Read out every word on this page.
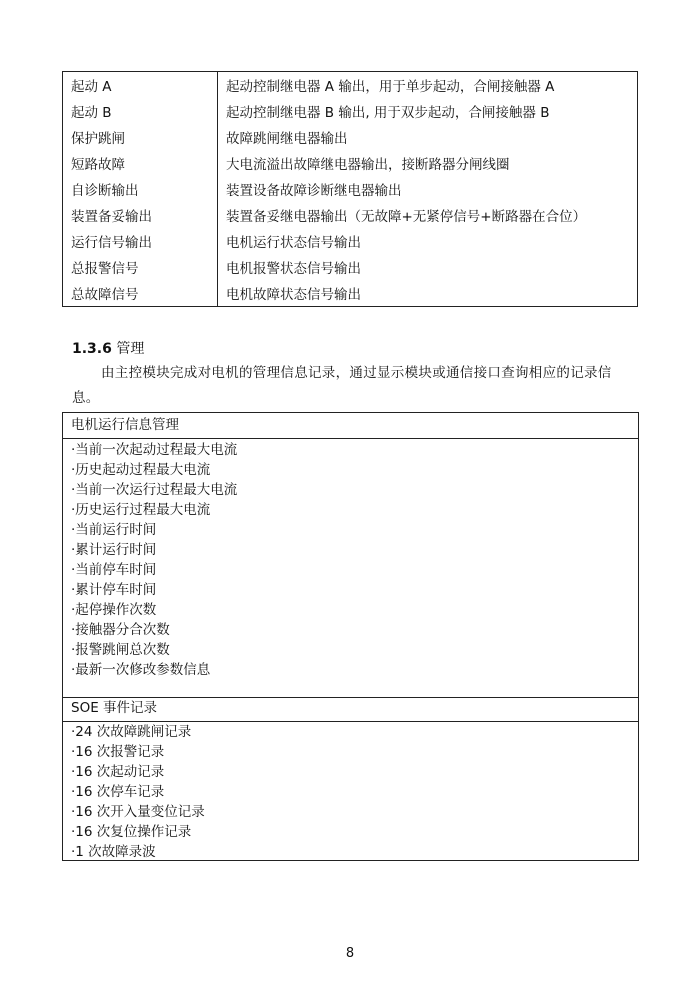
起动 A	起动控制继电器 A 输出，用于单步起动，合闸接触器 A
起动 B	起动控制继电器 B 输出, 用于双步起动，合闸接触器 B
保护跳闸	故障跳闸继电器输出
短路故障	大电流溢出故障继电器输出，接断路器分闸线圈
自诊断输出	装置设备故障诊断继电器输出
装置备妥输出	装置备妥继电器输出（无故障+无紧停信号+断路器在合位）
运行信号输出	电机运行状态信号输出
总报警信号	电机报警状态信号输出
总故障信号	电机故障状态信号输出
1.3.6 管理
由主控模块完成对电机的管理信息记录，通过显示模块或通信接口查询相应的记录信息。
电机运行信息管理
·当前一次起动过程最大电流
·历史起动过程最大电流
·当前一次运行过程最大电流
·历史运行过程最大电流
·当前运行时间
·累计运行时间
·当前停车时间
·累计停车时间
·起停操作次数
·接触器分合次数
·报警跳闸总次数
·最新一次修改参数信息
SOE 事件记录
·24 次故障跳闸记录
·16 次报警记录
·16 次起动记录
·16 次停车记录
·16 次开入量变位记录
·16 次复位操作记录
·1 次故障录波
8
